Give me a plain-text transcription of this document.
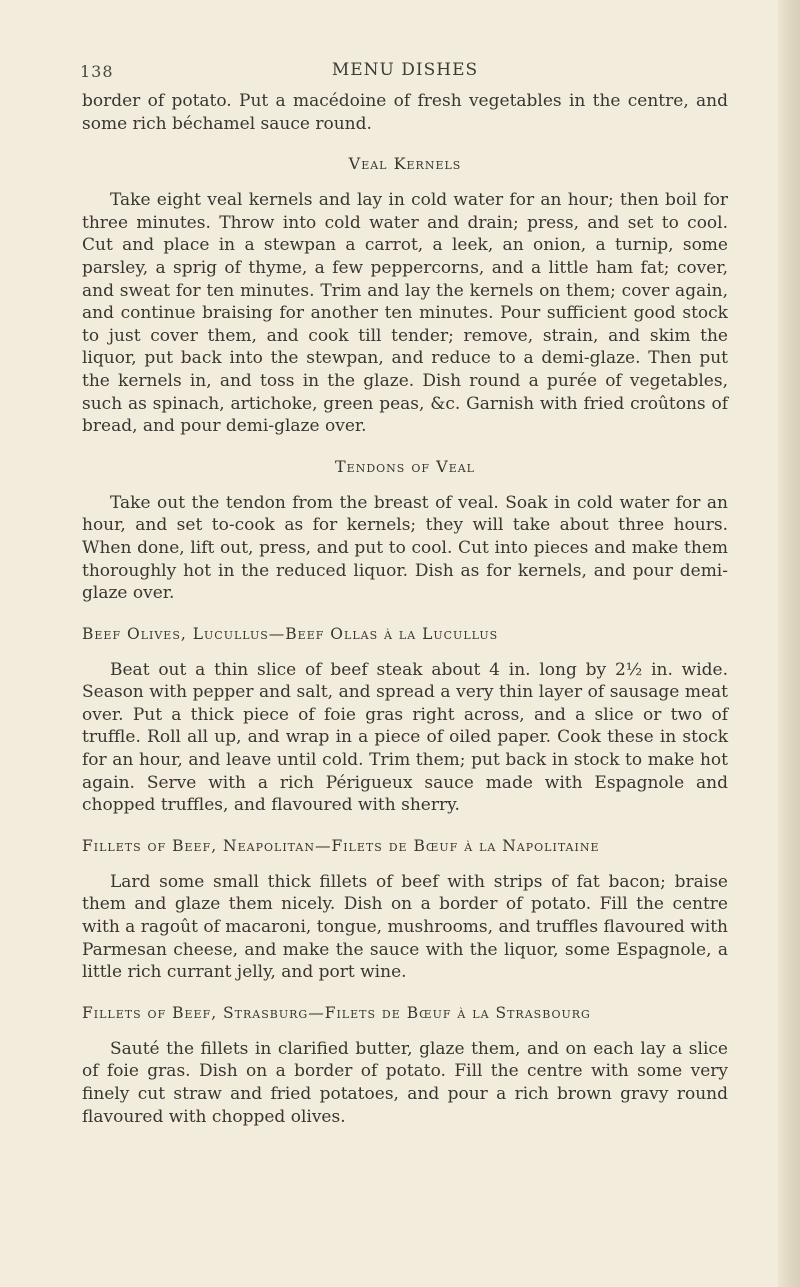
138	MENU DISHES

border of potato. Put a macédoine of fresh vegetables in the centre, and some rich béchamel sauce round.

Veal Kernels

Take eight veal kernels and lay in cold water for an hour; then boil for three minutes. Throw into cold water and drain; press, and set to cool. Cut and place in a stewpan a carrot, a leek, an onion, a turnip, some parsley, a sprig of thyme, a few peppercorns, and a little ham fat; cover, and sweat for ten minutes. Trim and lay the kernels on them; cover again, and continue braising for another ten minutes. Pour sufficient good stock to just cover them, and cook till tender; remove, strain, and skim the liquor, put back into the stewpan, and reduce to a demi-glaze. Then put the kernels in, and toss in the glaze. Dish round a purée of vegetables, such as spinach, artichoke, green peas, &c. Garnish with fried croûtons of bread, and pour demi-glaze over.

Tendons of Veal

Take out the tendon from the breast of veal. Soak in cold water for an hour, and set to-cook as for kernels; they will take about three hours. When done, lift out, press, and put to cool. Cut into pieces and make them thoroughly hot in the reduced liquor. Dish as for kernels, and pour demi-glaze over.

Beef Olives, Lucullus—Beef Ollas à la Lucullus

Beat out a thin slice of beef steak about 4 in. long by 2½ in. wide. Season with pepper and salt, and spread a very thin layer of sausage meat over. Put a thick piece of foie gras right across, and a slice or two of truffle. Roll all up, and wrap in a piece of oiled paper. Cook these in stock for an hour, and leave until cold. Trim them; put back in stock to make hot again. Serve with a rich Périgueux sauce made with Espagnole and chopped truffles, and flavoured with sherry.

Fillets of Beef, Neapolitan—Filets de Bœuf à la Napolitaine

Lard some small thick fillets of beef with strips of fat bacon; braise them and glaze them nicely. Dish on a border of potato. Fill the centre with a ragoût of macaroni, tongue, mushrooms, and truffles flavoured with Parmesan cheese, and make the sauce with the liquor, some Espagnole, a little rich currant jelly, and port wine.

Fillets of Beef, Strasburg—Filets de Bœuf à la Strasbourg

Sauté the fillets in clarified butter, glaze them, and on each lay a slice of foie gras. Dish on a border of potato. Fill the centre with some very finely cut straw and fried potatoes, and pour a rich brown gravy round flavoured with chopped olives.
